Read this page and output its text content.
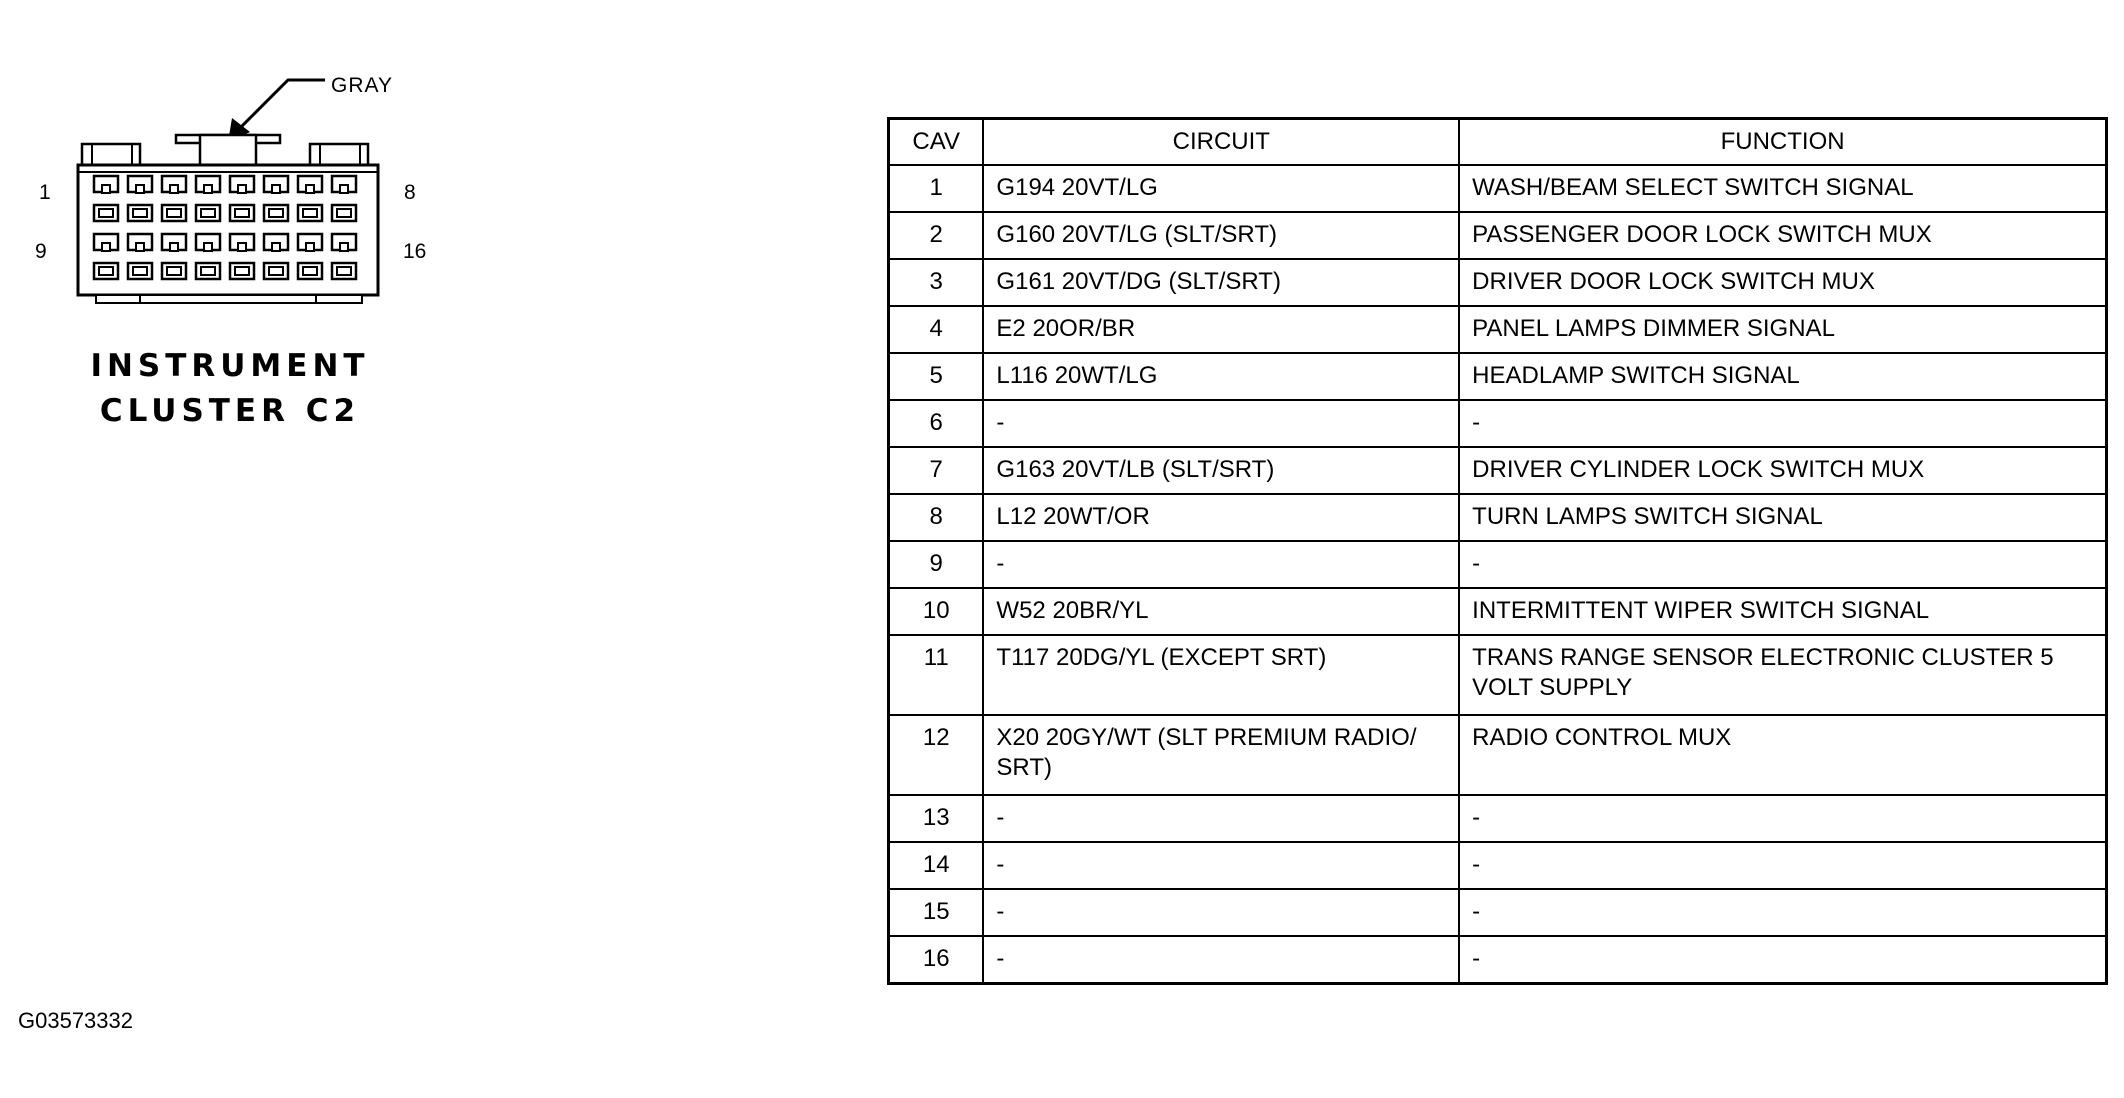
1	8
9	16
GRAY
INSTRUMENT
CLUSTER C2
CAV	CIRCUIT	FUNCTION
1	G194 20VT/LG	WASH/BEAM SELECT SWITCH SIGNAL
2	G160 20VT/LG (SLT/SRT)	PASSENGER DOOR LOCK SWITCH MUX
3	G161 20VT/DG (SLT/SRT)	DRIVER DOOR LOCK SWITCH MUX
4	E2 20OR/BR	PANEL LAMPS DIMMER SIGNAL
5	L116 20WT/LG	HEADLAMP SWITCH SIGNAL
6	-	-
7	G163 20VT/LB (SLT/SRT)	DRIVER CYLINDER LOCK SWITCH MUX
8	L12 20WT/OR	TURN LAMPS SWITCH SIGNAL
9	-	-
10	W52 20BR/YL	INTERMITTENT WIPER SWITCH SIGNAL
11	T117 20DG/YL (EXCEPT SRT)	TRANS RANGE SENSOR ELECTRONIC CLUSTER 5 VOLT SUPPLY
12	X20 20GY/WT (SLT PREMIUM RADIO/ SRT)	RADIO CONTROL MUX
13	-	-
14	-	-
15	-	-
16	-	-
G03573332
